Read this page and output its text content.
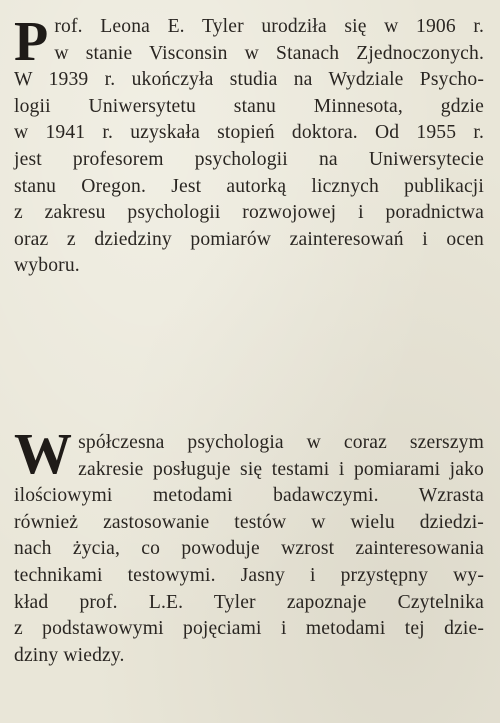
P rof. Leona E. Tyler urodziła się w 1906 r.
w stanie Visconsin w Stanach Zjednoczonych.
W 1939 r. ukończyła studia na Wydziale Psycho-
logii Uniwersytetu stanu Minnesota, gdzie
w 1941 r. uzyskała stopień doktora. Od 1955 r.
jest profesorem psychologii na Uniwersytecie
stanu Oregon. Jest autorką licznych publikacji
z zakresu psychologii rozwojowej i poradnictwa
oraz z dziedziny pomiarów zainteresowań i ocen
wyboru.
W spółczesna psychologia w coraz szerszym
zakresie posługuje się testami i pomiarami jako
ilościowymi metodami badawczymi. Wzrasta
również zastosowanie testów w wielu dziedzi-
nach życia, co powoduje wzrost zainteresowania
technikami testowymi. Jasny i przystępny wy-
kład prof. L.E. Tyler zapoznaje Czytelnika
z podstawowymi pojęciami i metodami tej dzie-
dziny wiedzy.
